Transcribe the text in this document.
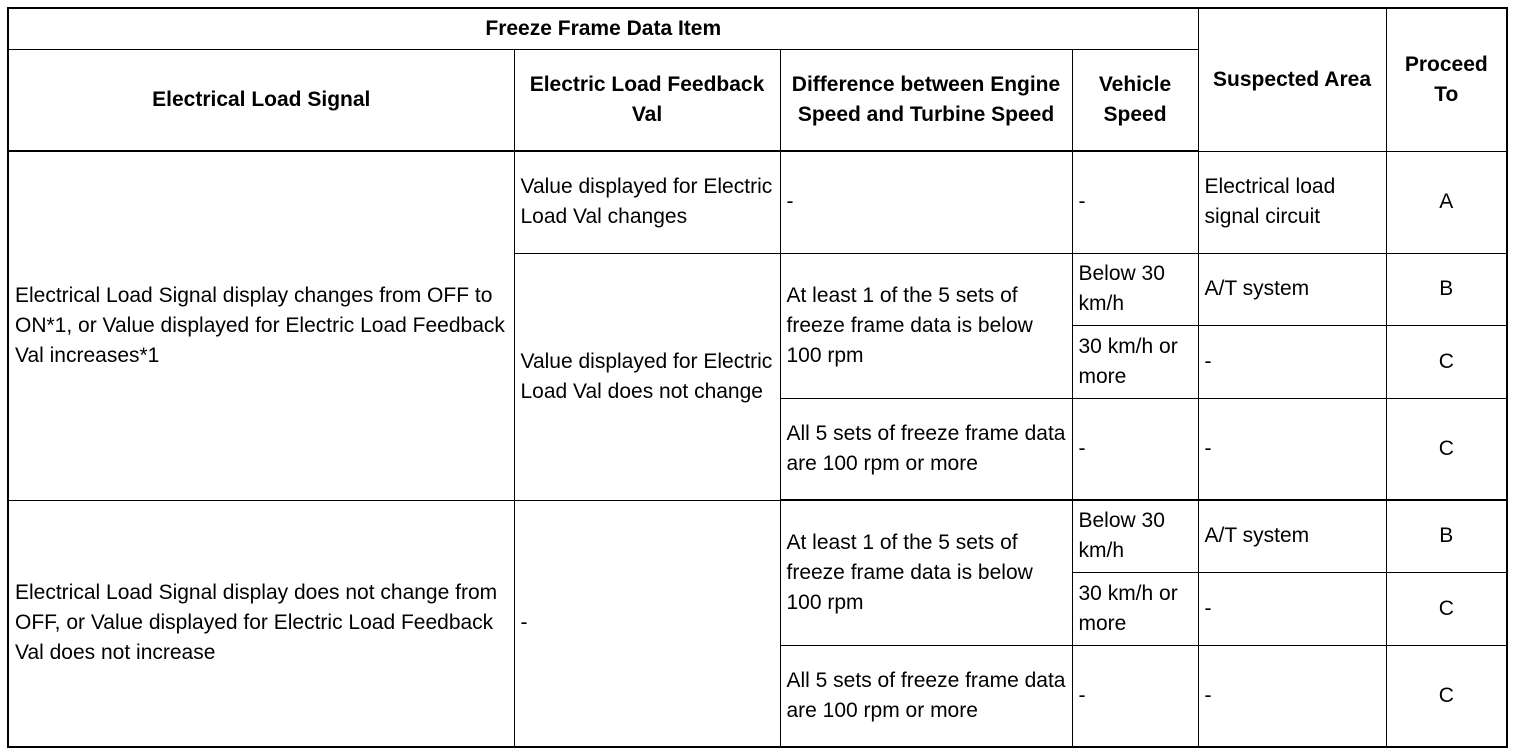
Freeze Frame Data Item				Suspected Area	Proceed To
Electrical Load Signal	Electric Load Feedback Val	Difference between Engine Speed and Turbine Speed	Vehicle Speed		
Electrical Load Signal display changes from OFF to ON*1, or Value displayed for Electric Load Feedback Val increases*1	Value displayed for Electric Load Val changes	-	-	Electrical load signal circuit	A
	Value displayed for Electric Load Val does not change	At least 1 of the 5 sets of freeze frame data is below 100 rpm	Below 30 km/h	A/T system	B
			30 km/h or more	-	C
		All 5 sets of freeze frame data are 100 rpm or more	-	-	C
Electrical Load Signal display does not change from OFF, or Value displayed for Electric Load Feedback Val does not increase	-	At least 1 of the 5 sets of freeze frame data is below 100 rpm	Below 30 km/h	A/T system	B
			30 km/h or more	-	C
		All 5 sets of freeze frame data are 100 rpm or more	-	-	C
